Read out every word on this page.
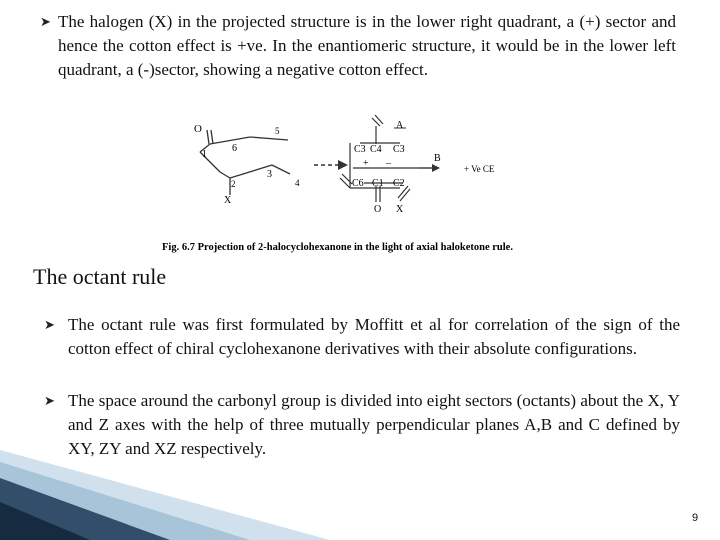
➤ The halogen (X) in the projected structure is in the lower right quadrant, a (+) sector and hence the cotton effect is +ve. In the enantiomeric structure, it would be in the lower left quadrant, a (-)sector, showing a negative cotton effect.
O
1
6
5
3
2	4
X
C3 C4 C3
+ –
C6 C1 C2
O X
A
B
+ Ve CE
Fig. 6.7 Projection of 2-halocyclohexanone in the light of axial haloketone rule.
The octant rule
➤ The octant rule was first formulated by Moffitt et al for correlation of the sign of the cotton effect of chiral cyclohexanone derivatives with their absolute configurations.
➤ The space around the carbonyl group is divided into eight sectors (octants) about the X, Y and Z axes with the help of three mutually perpendicular planes A,B and C defined by XY, ZY and XZ respectively.
9
